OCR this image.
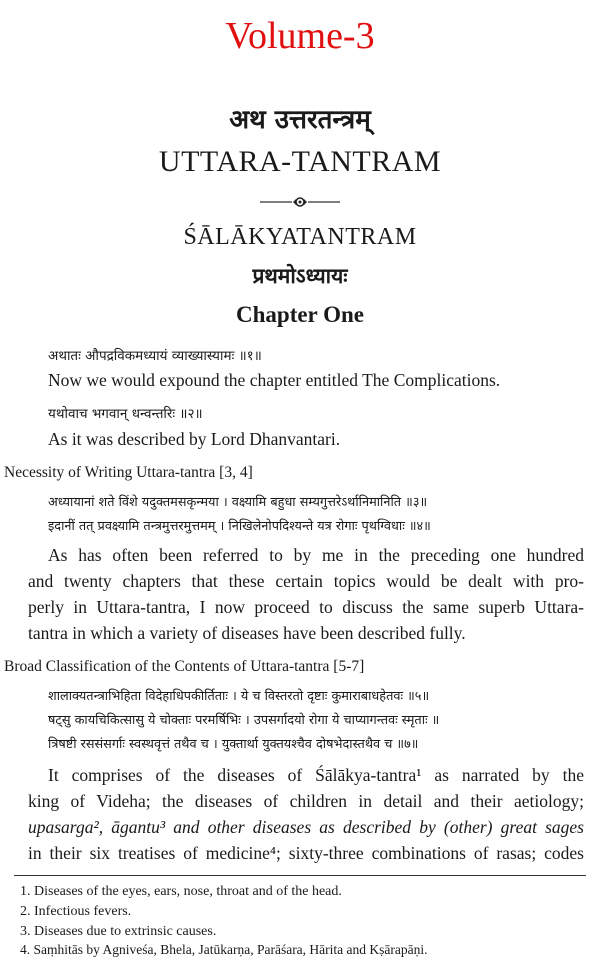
Volume-3
अथ उत्तरतन्त्रम्
UTTARA-TANTRAM
ŚĀLĀKYATANTRAM
प्रथमोऽध्यायः
Chapter One
अथातः औपद्रविकमध्यायं व्याख्यास्यामः ॥१॥
Now we would expound the chapter entitled The Complications.
यथोवाच भगवान् धन्वन्तरिः ॥२॥
As it was described by Lord Dhanvantari.
Necessity of Writing Uttara-tantra [3, 4]
अध्यायानां शते विंशे यदुक्तमसकृन्मया । वक्ष्यामि बहुधा सम्यगुत्तरेऽर्थानिमानिति ॥३॥
इदानीं तत् प्रवक्ष्यामि तन्त्रमुत्तरमुत्तमम् । निखिलेनोपदिश्यन्ते यत्र रोगाः पृथग्विधाः ॥४॥
As has often been referred to by me in the preceding one hundred
and twenty chapters that these certain topics would be dealt with pro-
perly in Uttara-tantra, I now proceed to discuss the same superb Uttara-
tantra in which a variety of diseases have been described fully.
Broad Classification of the Contents of Uttara-tantra [5-7]
शालाक्यतन्त्राभिहिता विदेहाधिपकीर्तिताः । ये च विस्तरतो दृष्टाः कुमाराबाधहेतवः ॥५॥
षट्सु कायचिकित्सासु ये चोक्ताः परमर्षिभिः । उपसर्गादयो रोगा ये चाप्यागन्तवः स्मृताः ॥
त्रिषष्टी रससंसर्गाः स्वस्थवृत्तं तथैव च । युक्तार्था युक्तयश्चैव दोषभेदास्तथैव च ॥७॥
It comprises of the diseases of Śālākya-tantra¹ as narrated by the
king of Videha; the diseases of children in detail and their aetiology;
upasarga², āgantu³ and other diseases as described by (other) great sages
in their six treatises of medicine⁴; sixty-three combinations of rasas; codes
1. Diseases of the eyes, ears, nose, throat and of the head.
2. Infectious fevers.
3. Diseases due to extrinsic causes.
4. Saṃhitās by Agniveśa, Bhela, Jatūkarṇa, Parāśara, Hārita and Kṣārapāṇi.
